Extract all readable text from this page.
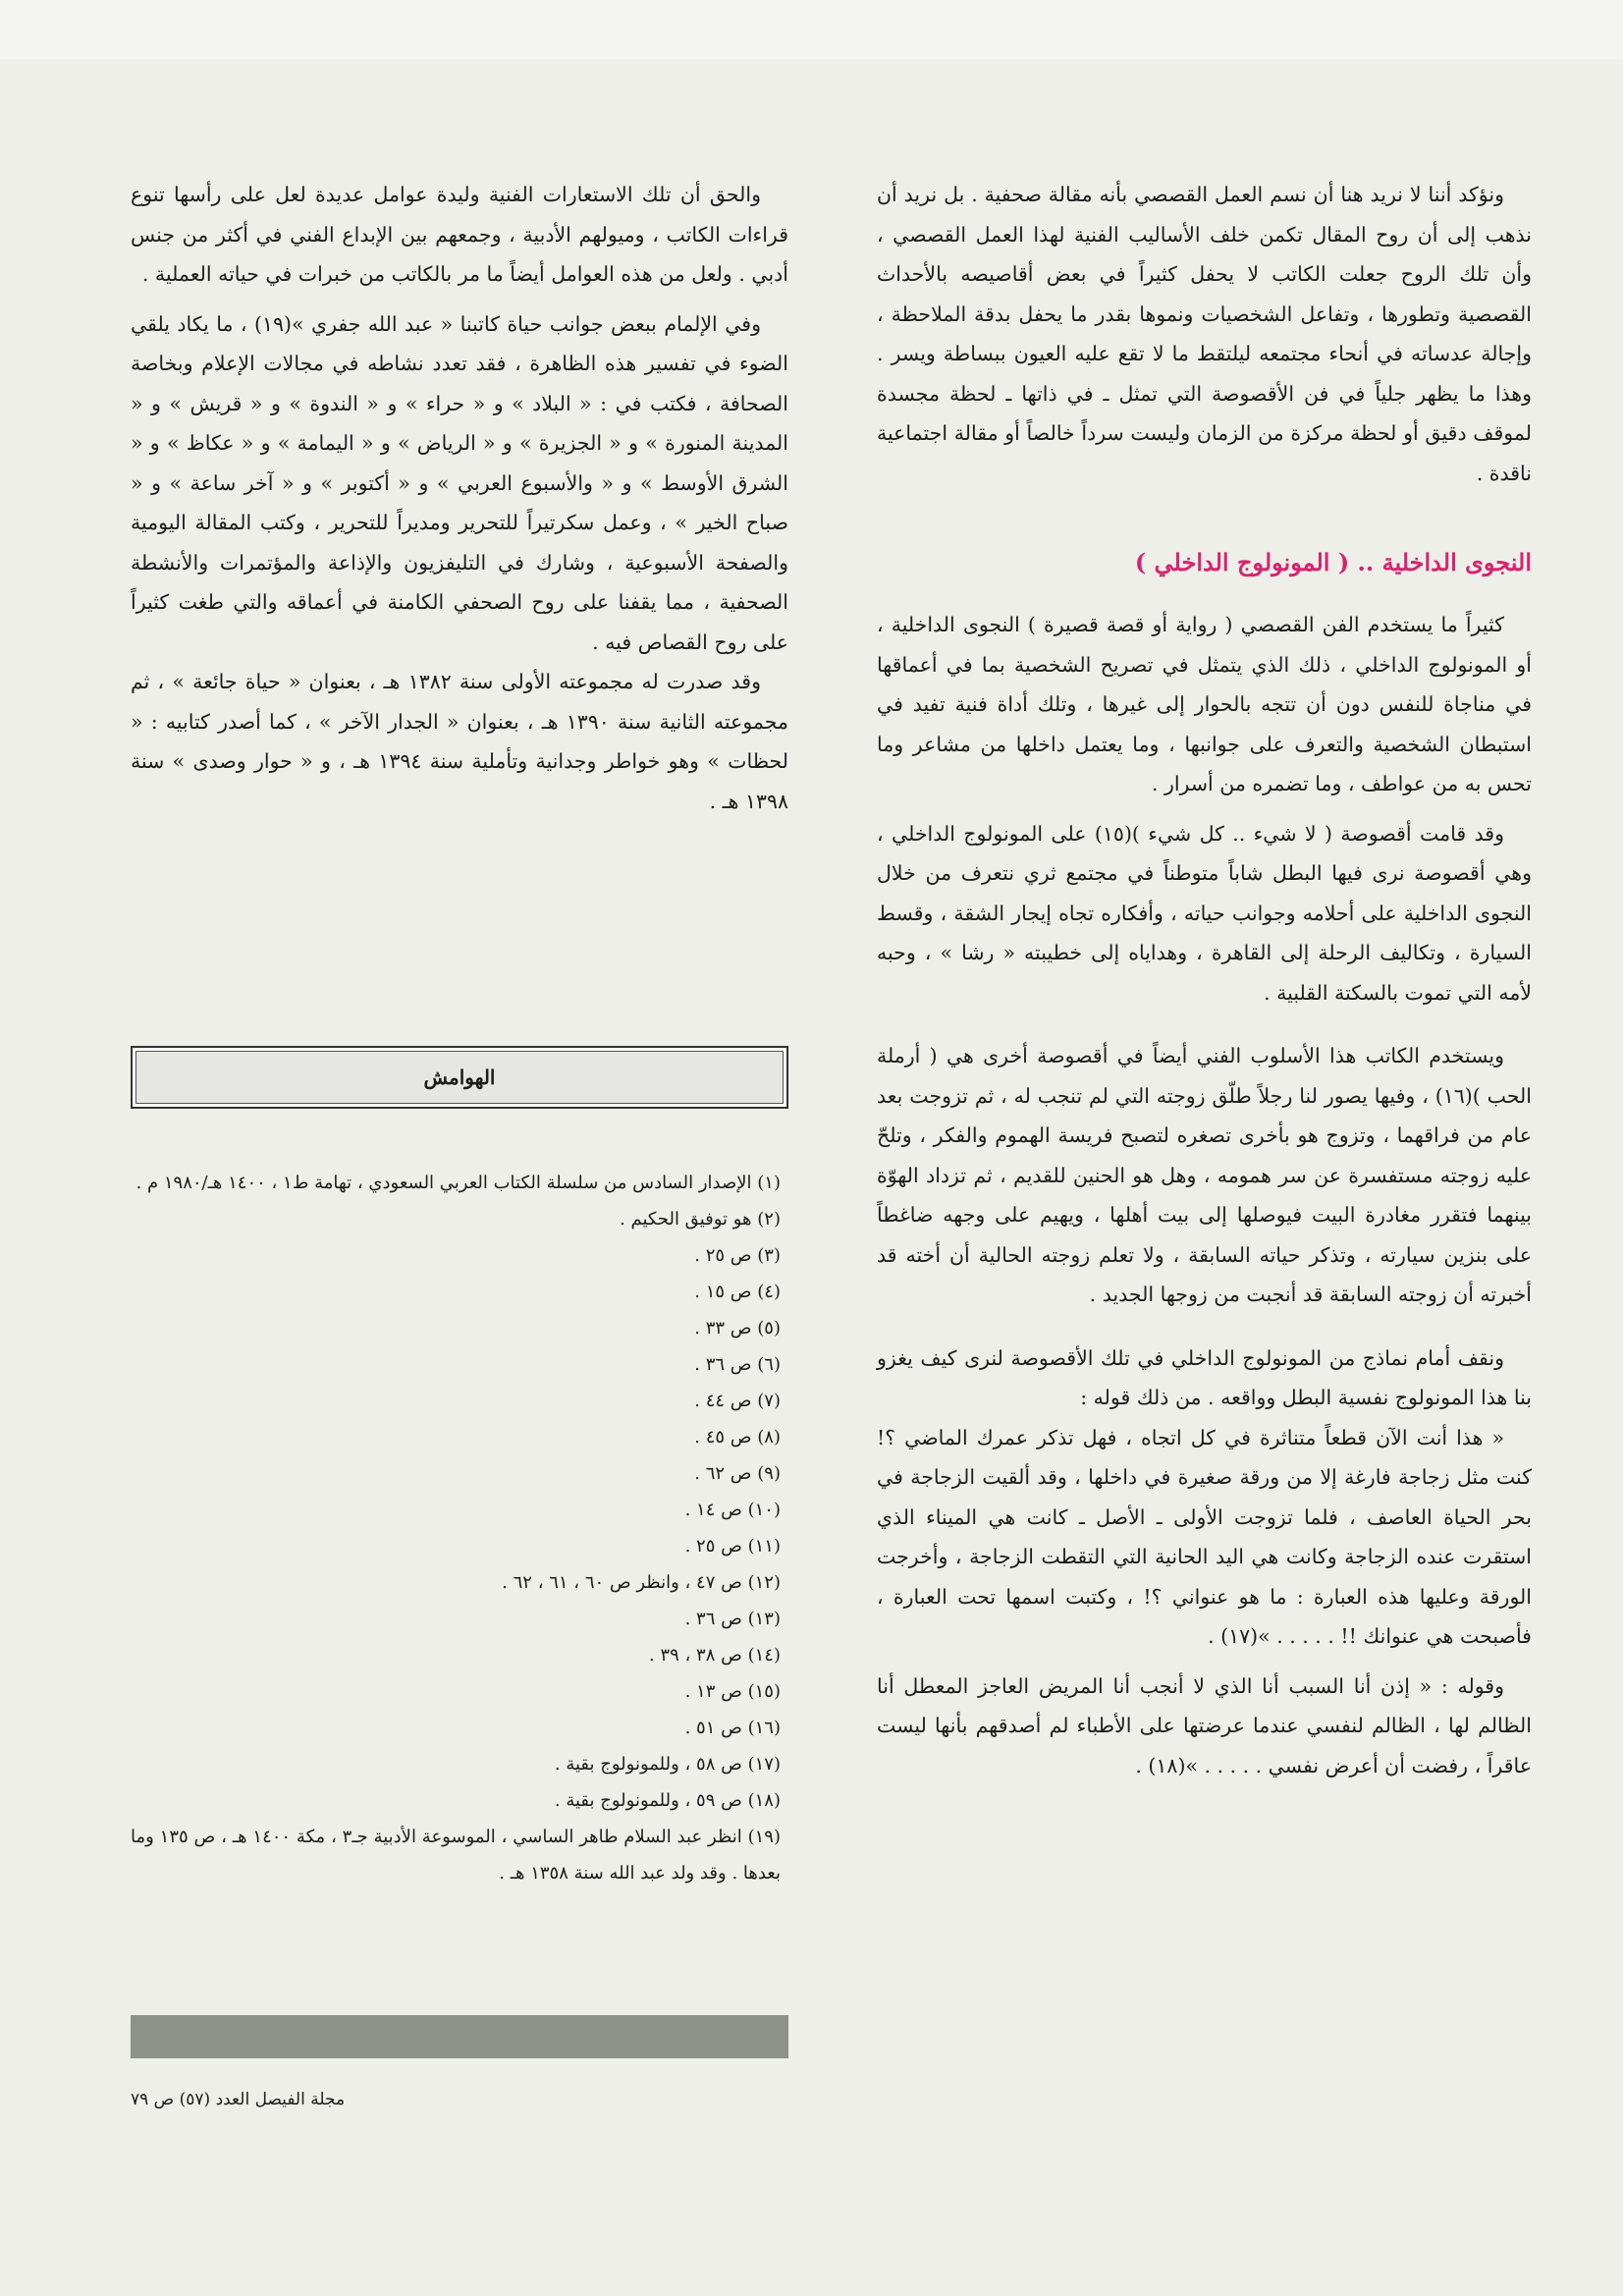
ونؤكد أننا لا نريد هنا أن نسم العمل القصصي بأنه مقالة صحفية . بل نريد أن نذهب إلى أن روح المقال تكمن خلف الأساليب الفنية لهذا العمل القصصي ، وأن تلك الروح جعلت الكاتب لا يحفل كثيراً في بعض أقاصيصه بالأحداث القصصية وتطورها ، وتفاعل الشخصيات ونموها بقدر ما يحفل بدقة الملاحظة ، وإجالة عدساته في أنحاء مجتمعه ليلتقط ما لا تقع عليه العيون ببساطة ويسر . وهذا ما يظهر جلياً في فن الأقصوصة التي تمثل ـ في ذاتها ـ لحظة مجسدة لموقف دقيق أو لحظة مركزة من الزمان وليست سرداً خالصاً أو مقالة اجتماعية ناقدة .

النجوى الداخلية .. ( المونولوج الداخلي )

كثيراً ما يستخدم الفن القصصي ( رواية أو قصة قصيرة ) النجوى الداخلية ، أو المونولوج الداخلي ، ذلك الذي يتمثل في تصريح الشخصية بما في أعماقها في مناجاة للنفس دون أن تتجه بالحوار إلى غيرها ، وتلك أداة فنية تفيد في استبطان الشخصية والتعرف على جوانبها ، وما يعتمل داخلها من مشاعر وما تحس به من عواطف ، وما تضمره من أسرار .

وقد قامت أقصوصة ( لا شيء .. كل شيء )(١٥) على المونولوج الداخلي ، وهي أقصوصة نرى فيها البطل شاباً متوطناً في مجتمع ثري نتعرف من خلال النجوى الداخلية على أحلامه وجوانب حياته ، وأفكاره تجاه إيجار الشقة ، وقسط السيارة ، وتكاليف الرحلة إلى القاهرة ، وهداياه إلى خطيبته « رشا » ، وحبه لأمه التي تموت بالسكتة القلبية .

ويستخدم الكاتب هذا الأسلوب الفني أيضاً في أقصوصة أخرى هي ( أرملة الحب )(١٦) ، وفيها يصور لنا رجلاً طلّق زوجته التي لم تنجب له ، ثم تزوجت بعد عام من فراقهما ، وتزوج هو بأخرى تصغره لتصبح فريسة الهموم والفكر ، وتلحّ عليه زوجته مستفسرة عن سر همومه ، وهل هو الحنين للقديم ، ثم تزداد الهوّة بينهما فتقرر مغادرة البيت فيوصلها إلى بيت أهلها ، ويهيم على وجهه ضاغطاً على بنزين سيارته ، وتذكر حياته السابقة ، ولا تعلم زوجته الحالية أن أخته قد أخبرته أن زوجته السابقة قد أنجبت من زوجها الجديد .

ونقف أمام نماذج من المونولوج الداخلي في تلك الأقصوصة لنرى كيف يغزو بنا هذا المونولوج نفسية البطل وواقعه . من ذلك قوله :

« هذا أنت الآن قطعاً متناثرة في كل اتجاه ، فهل تذكر عمرك الماضي ؟! كنت مثل زجاجة فارغة إلا من ورقة صغيرة في داخلها ، وقد ألقيت الزجاجة في بحر الحياة العاصف ، فلما تزوجت الأولى ـ الأصل ـ كانت هي الميناء الذي استقرت عنده الزجاجة وكانت هي اليد الحانية التي التقطت الزجاجة ، وأخرجت الورقة وعليها هذه العبارة : ما هو عنواني ؟! ، وكتبت اسمها تحت العبارة ، فأصبحت هي عنوانك !! . . . . . »(١٧) .

وقوله : « إذن أنا السبب أنا الذي لا أنجب أنا المريض العاجز المعطل أنا الظالم لها ، الظالم لنفسي عندما عرضتها على الأطباء لم أصدقهم بأنها ليست عاقراً ، رفضت أن أعرض نفسي . . . . . »(١٨) .

والحق أن تلك الاستعارات الفنية وليدة عوامل عديدة لعل على رأسها تنوع قراءات الكاتب ، وميولهم الأدبية ، وجمعهم بين الإبداع الفني في أكثر من جنس أدبي . ولعل من هذه العوامل أيضاً ما مر بالكاتب من خبرات في حياته العملية .

وفي الإلمام ببعض جوانب حياة كاتبنا « عبد الله جفري »(١٩) ، ما يكاد يلقي الضوء في تفسير هذه الظاهرة ، فقد تعدد نشاطه في مجالات الإعلام وبخاصة الصحافة ، فكتب في : « البلاد » و « حراء » و « الندوة » و « قريش » و « المدينة المنورة » و « الجزيرة » و « الرياض » و « اليمامة » و « عكاظ » و « الشرق الأوسط » و « والأسبوع العربي » و « أكتوبر » و « آخر ساعة » و « صباح الخير » ، وعمل سكرتيراً للتحرير ومديراً للتحرير ، وكتب المقالة اليومية والصفحة الأسبوعية ، وشارك في التليفزيون والإذاعة والمؤتمرات والأنشطة الصحفية ، مما يقفنا على روح الصحفي الكامنة في أعماقه والتي طغت كثيراً على روح القصاص فيه .

وقد صدرت له مجموعته الأولى سنة ١٣٨٢ هـ ، بعنوان « حياة جائعة » ، ثم مجموعته الثانية سنة ١٣٩٠ هـ ، بعنوان « الجدار الآخر » ، كما أصدر كتابيه : « لحظات » وهو خواطر وجدانية وتأملية سنة ١٣٩٤ هـ ، و « حوار وصدى » سنة ١٣٩٨ هـ .

الهوامش

(١) الإصدار السادس من سلسلة الكتاب العربي السعودي ، تهامة ط١ ، ١٤٠٠ هـ/١٩٨٠ م .

(٢) هو توفيق الحكيم .

(٣) ص ٢٥ .

(٤) ص ١٥ .

(٥) ص ٣٣ .

(٦) ص ٣٦ .

(٧) ص ٤٤ .

(٨) ص ٤٥ .

(٩) ص ٦٢ .

(١٠) ص ١٤ .

(١١) ص ٢٥ .

(١٢) ص ٤٧ ، وانظر ص ٦٠ ، ٦١ ، ٦٢ .

(١٣) ص ٣٦ .

(١٤) ص ٣٨ ، ٣٩ .

(١٥) ص ١٣ .

(١٦) ص ٥١ .

(١٧) ص ٥٨ ، وللمونولوج بقية .

(١٨) ص ٥٩ ، وللمونولوج بقية .

(١٩) انظر عبد السلام طاهر الساسي ، الموسوعة الأدبية جـ٣ ، مكة ١٤٠٠ هـ ، ص ١٣٥ وما بعدها . وقد ولد عبد الله سنة ١٣٥٨ هـ .

مجلة الفيصل العدد (٥٧) ص ٧٩
